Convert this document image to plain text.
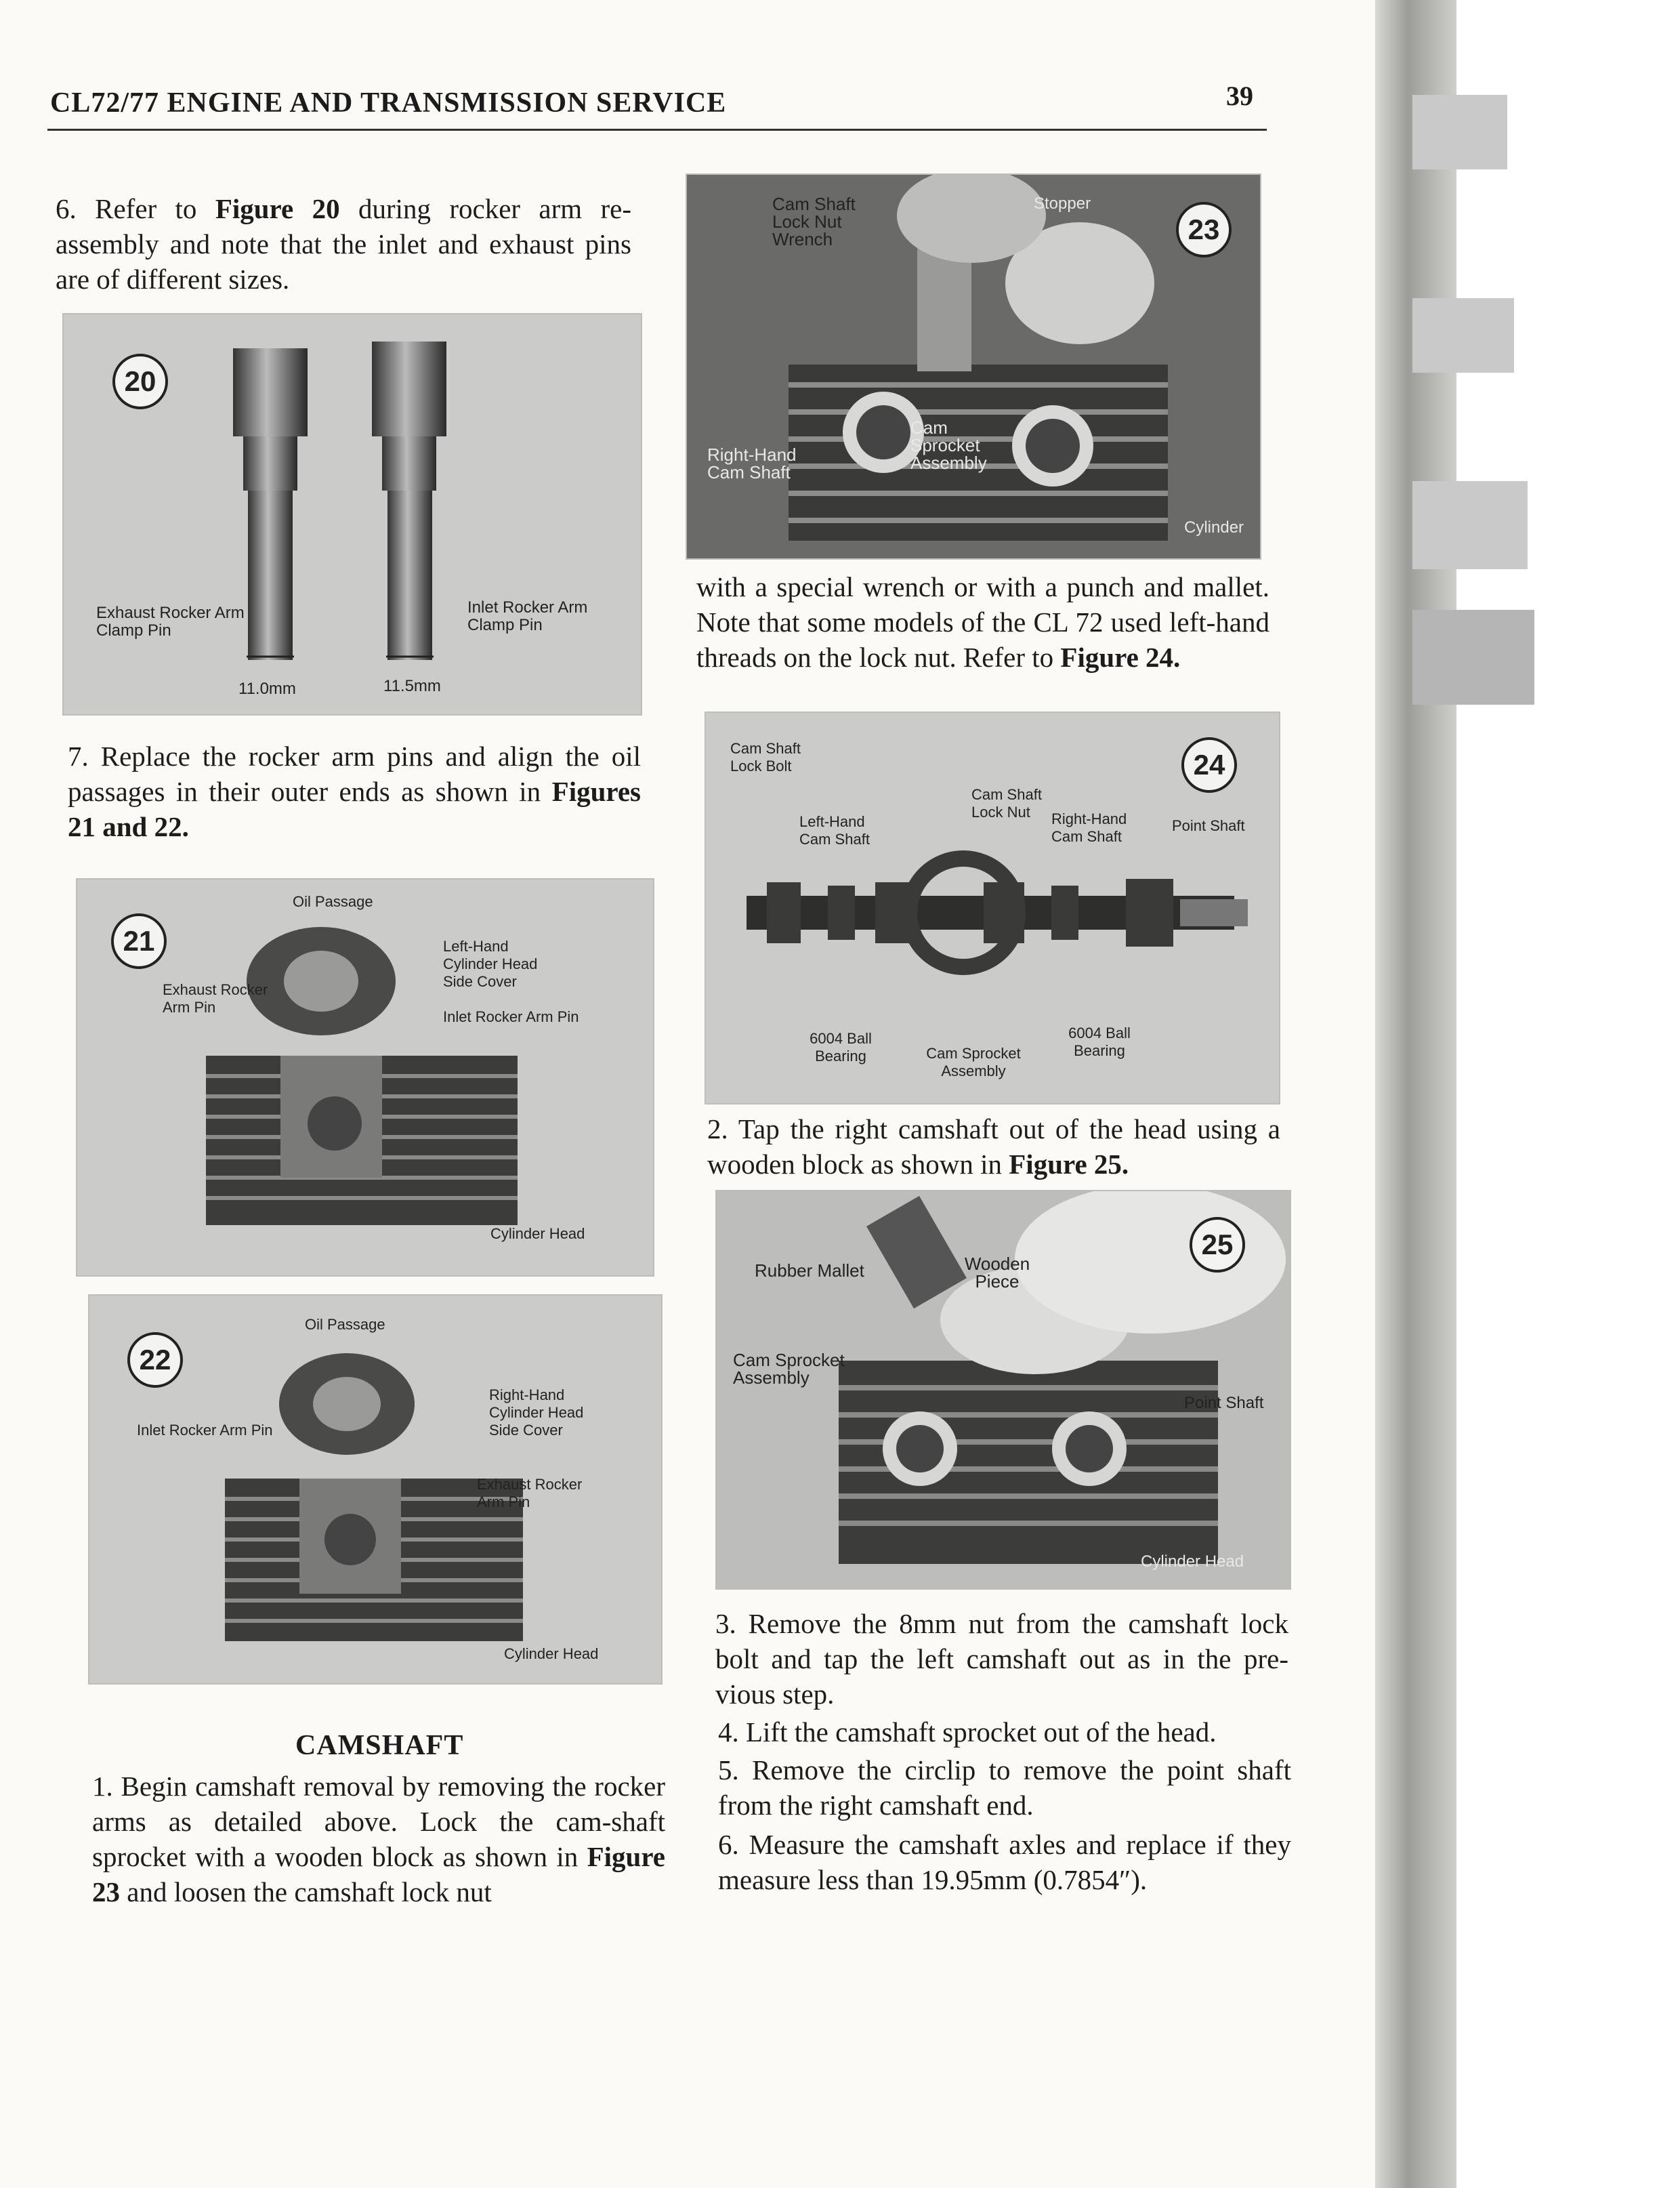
CL72/77 ENGINE AND TRANSMISSION SERVICE	39
6. Refer to Figure 20 during rocker arm re-assembly and note that the inlet and exhaust pins are of different sizes.
20
Exhaust Rocker Arm Clamp Pin
Inlet Rocker Arm Clamp Pin
11.0mm	11.5mm
7. Replace the rocker arm pins and align the oil passages in their outer ends as shown in Figures 21 and 22.
21
Oil Passage
Exhaust Rocker Arm Pin
Left-Hand Cylinder Head Side Cover
Inlet Rocker Arm Pin
Cylinder Head
22
Oil Passage
Inlet Rocker Arm Pin
Right-Hand Cylinder Head Side Cover
Exhaust Rocker Arm Pin
Cylinder Head
CAMSHAFT
1. Begin camshaft removal by removing the rocker arms as detailed above. Lock the cam-shaft sprocket with a wooden block as shown in Figure 23 and loosen the camshaft lock nut
23
Cam Shaft Lock Nut Wrench
Stopper
Right-Hand Cam Shaft
Cam Sprocket Assembly
Cylinder
with a special wrench or with a punch and mallet. Note that some models of the CL 72 used left-hand threads on the lock nut. Refer to Figure 24.
24
Cam Shaft Lock Bolt
Left-Hand Cam Shaft
Cam Shaft Lock Nut	Right-Hand Cam Shaft
Point Shaft
6004 Ball Bearing	Cam Sprocket Assembly
6004 Ball Bearing
2. Tap the right camshaft out of the head using a wooden block as shown in Figure 25.
25
Rubber Mallet	Wooden Piece
Cam Sprocket Assembly
Point Shaft
Cylinder Head
3. Remove the 8mm nut from the camshaft lock bolt and tap the left camshaft out as in the pre-vious step.
4. Lift the camshaft sprocket out of the head.
5. Remove the circlip to remove the point shaft from the right camshaft end.
6. Measure the camshaft axles and replace if they measure less than 19.95mm (0.7854″).
